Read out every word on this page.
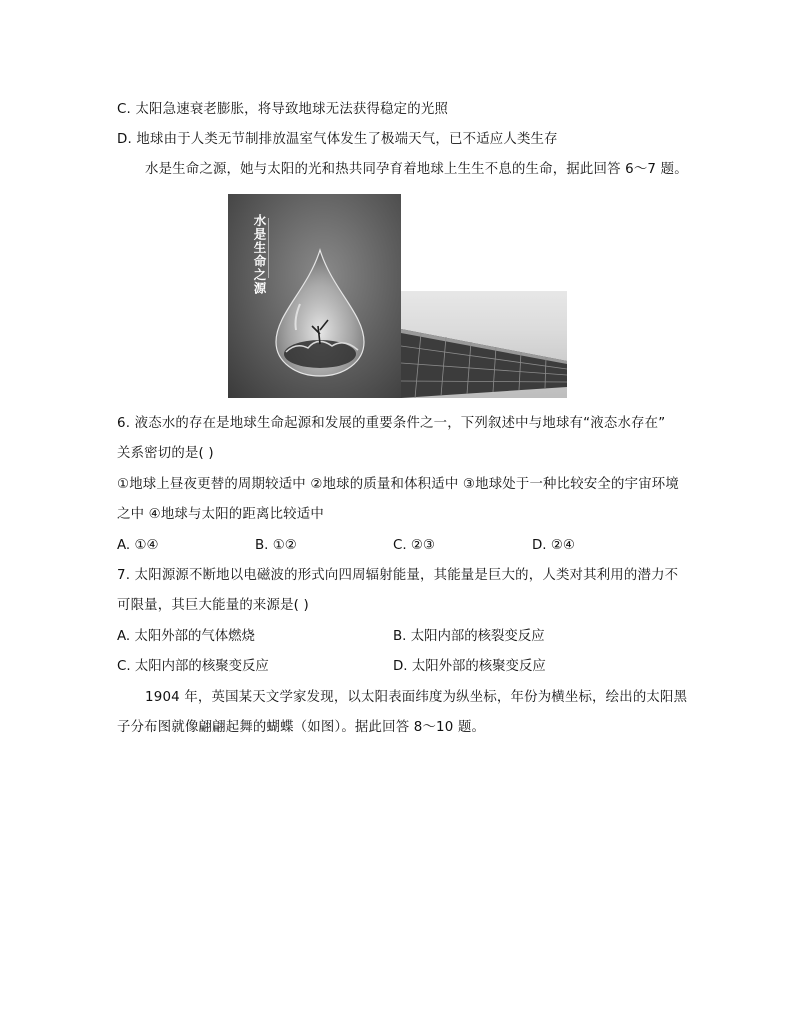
C. 太阳急速衰老膨胀，将导致地球无法获得稳定的光照
D. 地球由于人类无节制排放温室气体发生了极端天气，已不适应人类生存
水是生命之源，她与太阳的光和热共同孕育着地球上生生不息的生命，据此回答 6～7 题。
水是生命之源
6. 液态水的存在是地球生命起源和发展的重要条件之一，下列叙述中与地球有“液态水存在”
关系密切的是( )
①地球上昼夜更替的周期较适中 ②地球的质量和体积适中 ③地球处于一种比较安全的宇宙环境
之中 ④地球与太阳的距离比较适中
A. ①④	B. ①②	C. ②③	D. ②④
7. 太阳源源不断地以电磁波的形式向四周辐射能量，其能量是巨大的，人类对其利用的潜力不
可限量，其巨大能量的来源是( )
A. 太阳外部的气体燃烧	B. 太阳内部的核裂变反应
C. 太阳内部的核聚变反应	D. 太阳外部的核聚变反应
1904 年，英国某天文学家发现，以太阳表面纬度为纵坐标，年份为横坐标，绘出的太阳黑
子分布图就像翩翩起舞的蝴蝶（如图）。据此回答 8～10 题。
